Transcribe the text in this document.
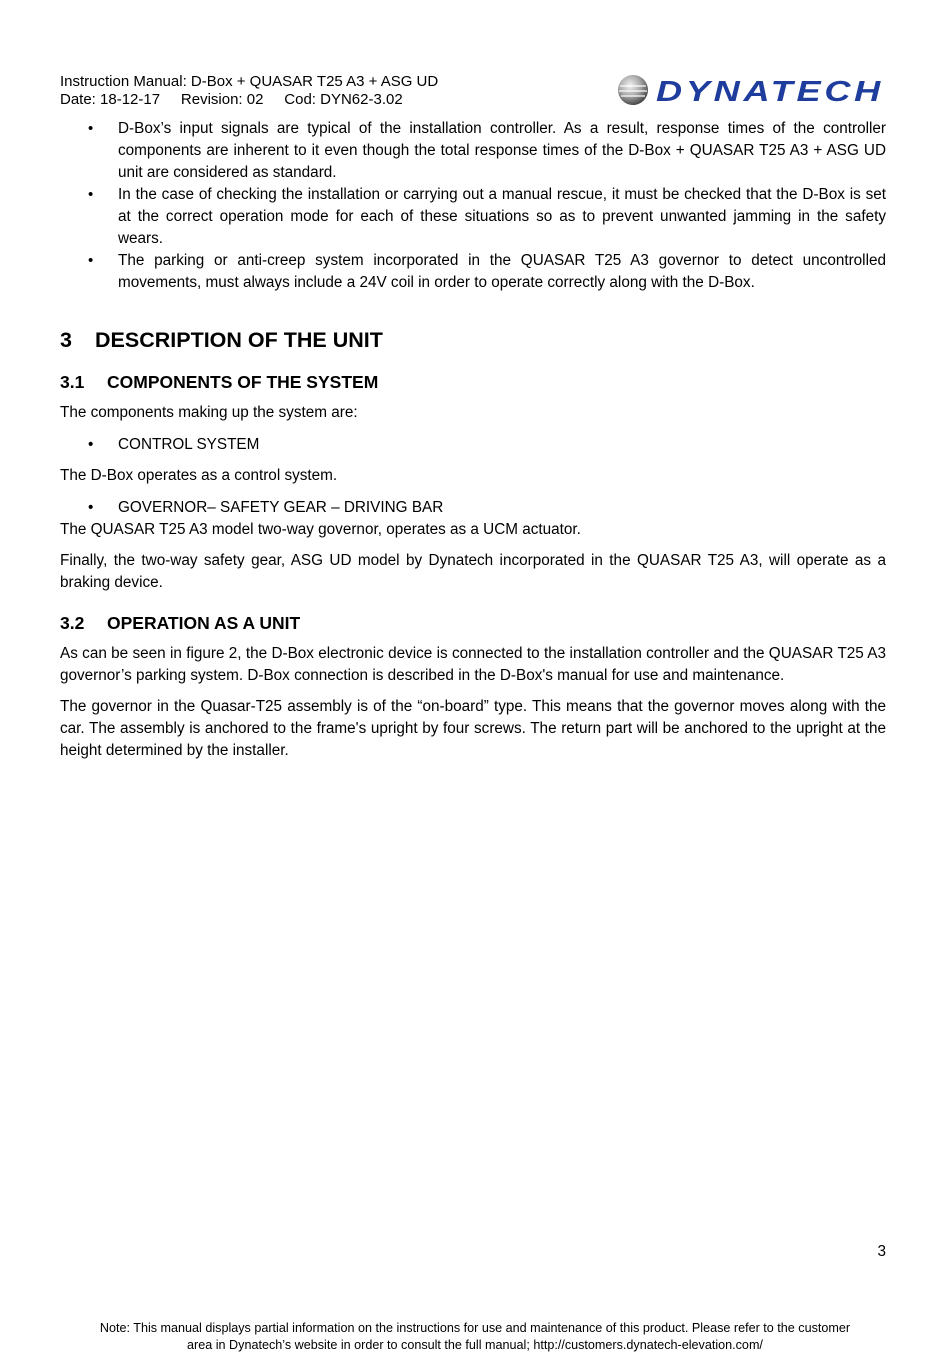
Instruction Manual: D-Box + QUASAR T25 A3 + ASG UD
Date: 18-12-17     Revision: 02     Cod: DYN62-3.02	DYNATECH
• D-Box’s input signals are typical of the installation controller. As a result, response times of the controller components are inherent to it even though the total response times of the D-Box + QUASAR T25 A3 + ASG UD unit are considered as standard.
• In the case of checking the installation or carrying out a manual rescue, it must be checked that the D-Box is set at the correct operation mode for each of these situations so as to prevent unwanted jamming in the safety wears.
• The parking or anti-creep system incorporated in the QUASAR T25 A3 governor to detect uncontrolled movements, must always include a 24V coil in order to operate correctly along with the D-Box.
3 DESCRIPTION OF THE UNIT
3.1 COMPONENTS OF THE SYSTEM

The components making up the system are:

• CONTROL SYSTEM

The D-Box operates as a control system.

• GOVERNOR– SAFETY GEAR – DRIVING BAR

The QUASAR T25 A3 model two-way governor, operates as a UCM actuator.

Finally, the two-way safety gear, ASG UD model by Dynatech incorporated in the QUASAR T25 A3, will operate as a braking device.

3.2 OPERATION AS A UNIT

As can be seen in figure 2, the D-Box electronic device is connected to the installation controller and the QUASAR T25 A3 governor’s parking system. D-Box connection is described in the D-Box's manual for use and maintenance.

The governor in the Quasar-T25 assembly is of the “on-board” type. This means that the governor moves along with the car. The assembly is anchored to the frame's upright by four screws. The return part will be anchored to the upright at the height determined by the installer.

3
Note: This manual displays partial information on the instructions for use and maintenance of this product. Please refer to the customer
area in Dynatech’s website in order to consult the full manual; http://customers.dynatech-elevation.com/
